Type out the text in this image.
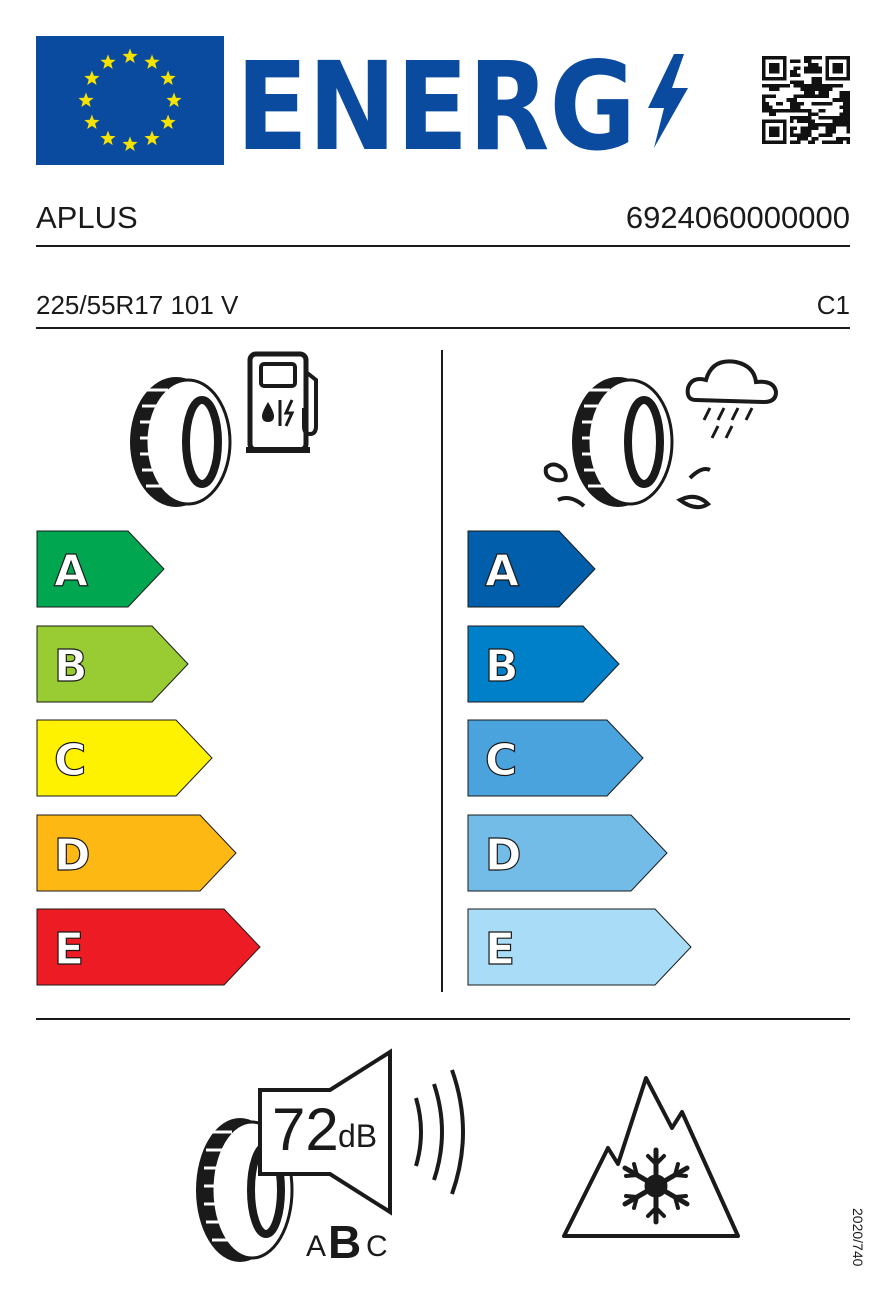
ENERG
APLUS	6924060000000
225/55R17 101 V	C1
A
B
C
D
E
A
B
C
D
E
72 dB
A B C	2020/740
